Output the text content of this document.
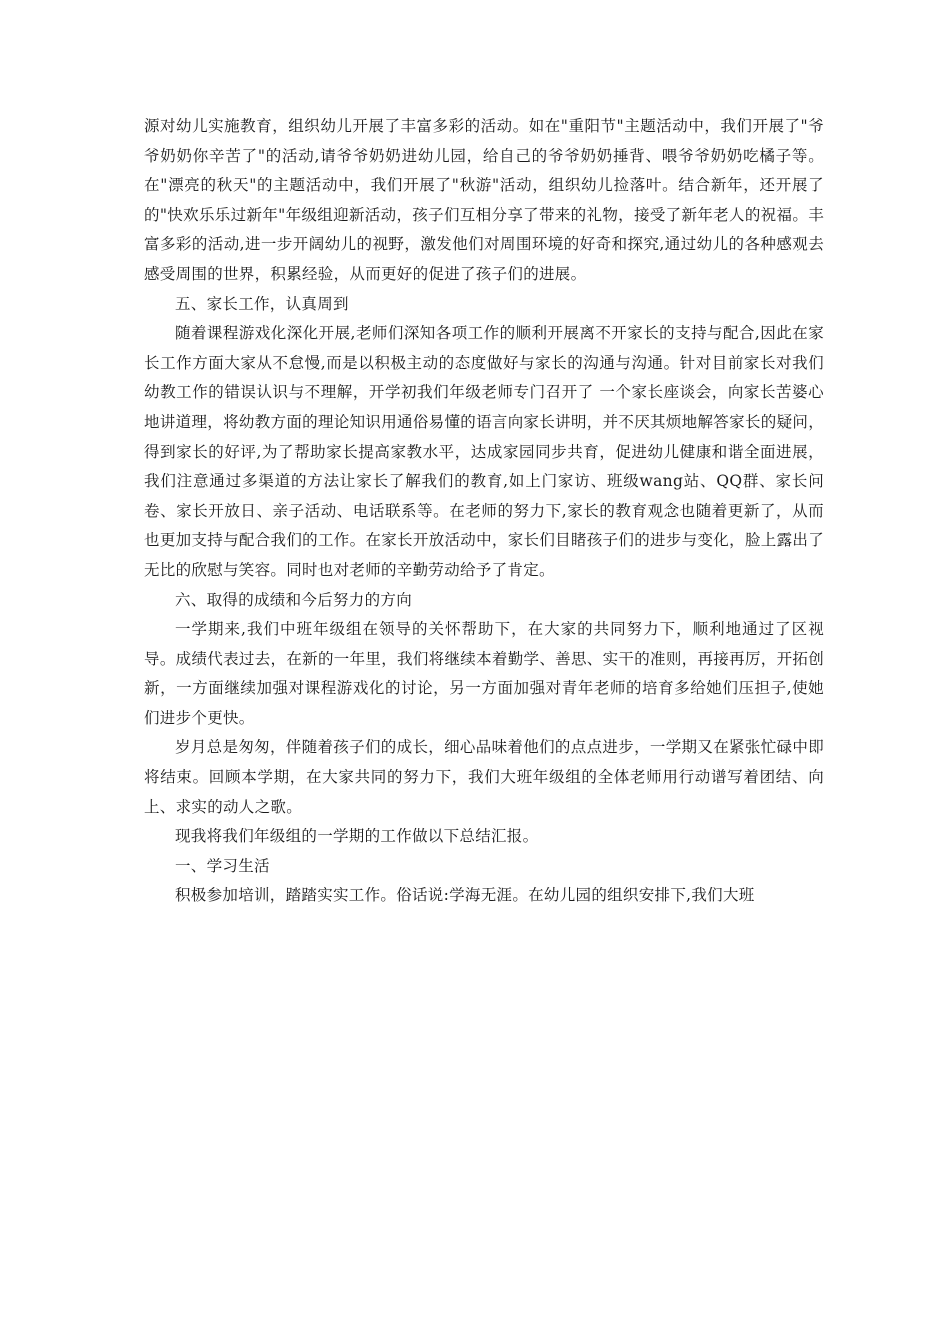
源对幼儿实施教育，组织幼儿开展了丰富多彩的活动。如在"重阳节"主题活动中，我们开展了"爷爷奶奶你辛苦了"的活动,请爷爷奶奶进幼儿园，给自己的爷爷奶奶捶背、喂爷爷奶奶吃橘子等。在"漂亮的秋天"的主题活动中，我们开展了"秋游"活动，组织幼儿捡落叶。结合新年，还开展了的"快欢乐乐过新年"年级组迎新活动，孩子们互相分享了带来的礼物，接受了新年老人的祝福。丰富多彩的活动,进一步开阔幼儿的视野，激发他们对周围环境的好奇和探究,通过幼儿的各种感观去感受周围的世界，积累经验，从而更好的促进了孩子们的进展。

五、家长工作，认真周到

随着课程游戏化深化开展,老师们深知各项工作的顺利开展离不开家长的支持与配合,因此在家长工作方面大家从不怠慢,而是以积极主动的态度做好与家长的沟通与沟通。针对目前家长对我们幼教工作的错误认识与不理解，开学初我们年级老师专门召开了 一个家长座谈会，向家长苦婆心地讲道理，将幼教方面的理论知识用通俗易懂的语言向家长讲明，并不厌其烦地解答家长的疑问，得到家长的好评,为了帮助家长提高家教水平，达成家园同步共育，促进幼儿健康和谐全面进展，我们注意通过多渠道的方法让家长了解我们的教育,如上门家访、班级wang站、QQ群、家长问卷、家长开放日、亲子活动、电话联系等。在老师的努力下,家长的教育观念也随着更新了，从而也更加支持与配合我们的工作。在家长开放活动中，家长们目睹孩子们的进步与变化，脸上露出了无比的欣慰与笑容。同时也对老师的辛勤劳动给予了肯定。

六、取得的成绩和今后努力的方向

一学期来,我们中班年级组在领导的关怀帮助下，在大家的共同努力下，顺利地通过了区视导。成绩代表过去，在新的一年里，我们将继续本着勤学、善思、实干的准则，再接再厉，开拓创新，一方面继续加强对课程游戏化的讨论，另一方面加强对青年老师的培育多给她们压担子,使她们进步个更快。

岁月总是匆匆，伴随着孩子们的成长，细心品味着他们的点点进步，一学期又在紧张忙碌中即将结束。回顾本学期，在大家共同的努力下，我们大班年级组的全体老师用行动谱写着团结、向上、求实的动人之歌。

现我将我们年级组的一学期的工作做以下总结汇报。

一、学习生活

积极参加培训，踏踏实实工作。俗话说:学海无涯。在幼儿园的组织安排下,我们大班
